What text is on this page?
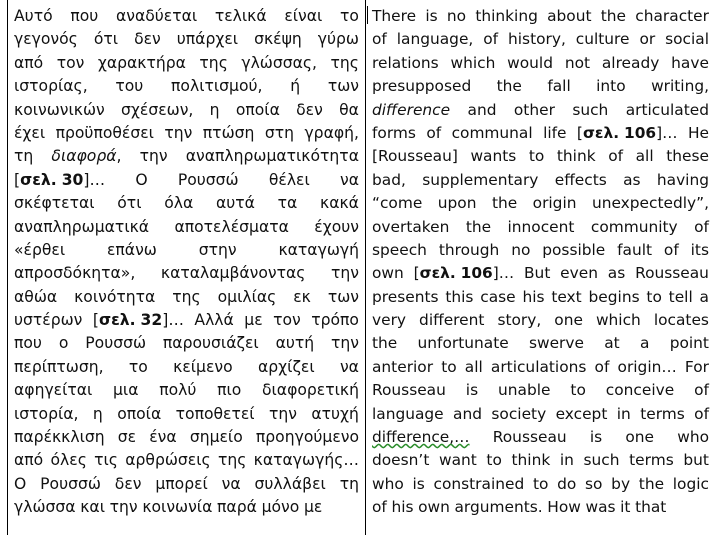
Αυτό που αναδύεται τελικά είναι το
γεγονός ότι δεν υπάρχει σκέψη γύρω
από τον χαρακτήρα της γλώσσας, της
ιστορίας, του πολιτισμού, ή των
κοινωνικών σχέσεων, η οποία δεν θα
έχει προϋποθέσει την πτώση στη γραφή,
τη διαφορά, την αναπληρωματικότητα
[σελ. 30]… Ο Ρουσσώ θέλει να
σκέφτεται ότι όλα αυτά τα κακά
αναπληρωματικά αποτελέσματα έχουν
«έρθει	επάνω	στην	καταγωγή
απροσδόκητα», καταλαμβάνοντας την
αθώα κοινότητα της ομιλίας εκ των
υστέρων [σελ. 32]… Αλλά με τον τρόπο
που ο Ρουσσώ παρουσιάζει αυτή την
περίπτωση, το κείμενο αρχίζει να
αφηγείται μια πολύ πιο διαφορετική
ιστορία, η οποία τοποθετεί την ατυχή
παρέκκλιση σε ένα σημείο προηγούμενο
από όλες τις αρθρώσεις της καταγωγής…
Ο Ρουσσώ δεν μπορεί να συλλάβει τη
γλώσσα και την κοινωνία παρά μόνο με
There is no thinking about the character
of language, of history, culture or social
relations which would not already have
presupposed the fall into writing,
difference and other such articulated
forms of communal life [σελ. 106]… He
[Rousseau] wants to think of all these
bad, supplementary effects as having
“come upon the origin unexpectedly”,
overtaken the innocent community of
speech through no possible fault of its
own [σελ. 106]… But even as Rousseau
presents this case his text begins to tell a
very different story, one which locates
the unfortunate swerve at a point
anterior to all articulations of origin… For
Rousseau is unable to conceive of
language and society except in terms of
difference,… Rousseau is one who
doesn’t want to think in such terms but
who is constrained to do so by the logic
of his own arguments. How was it that
